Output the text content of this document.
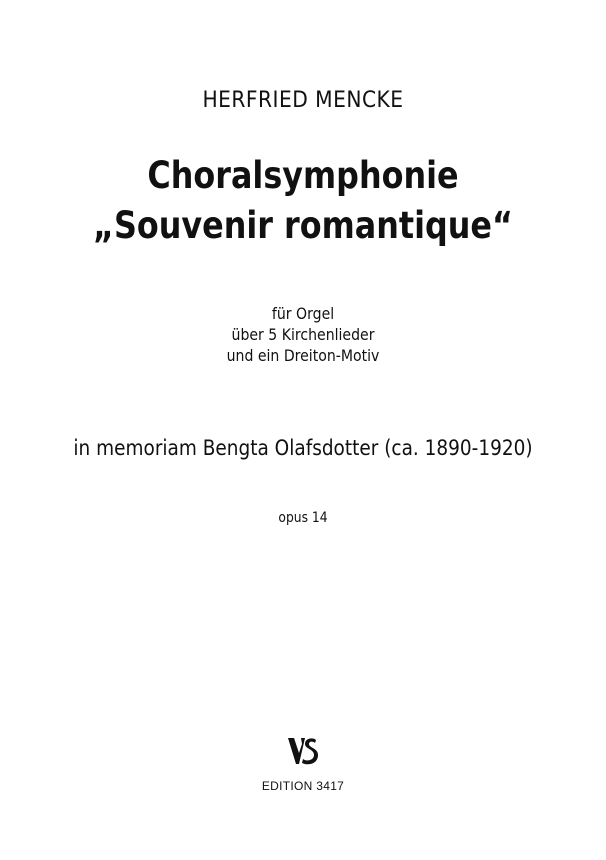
HERFRIED MENCKE
Choralsymphonie
„Souvenir romantique“
für Orgel
über 5 Kirchenlieder
und ein Dreiton-Motiv
in memoriam Bengta Olafsdotter (ca. 1890-1920)
opus 14
EDITION 3417
